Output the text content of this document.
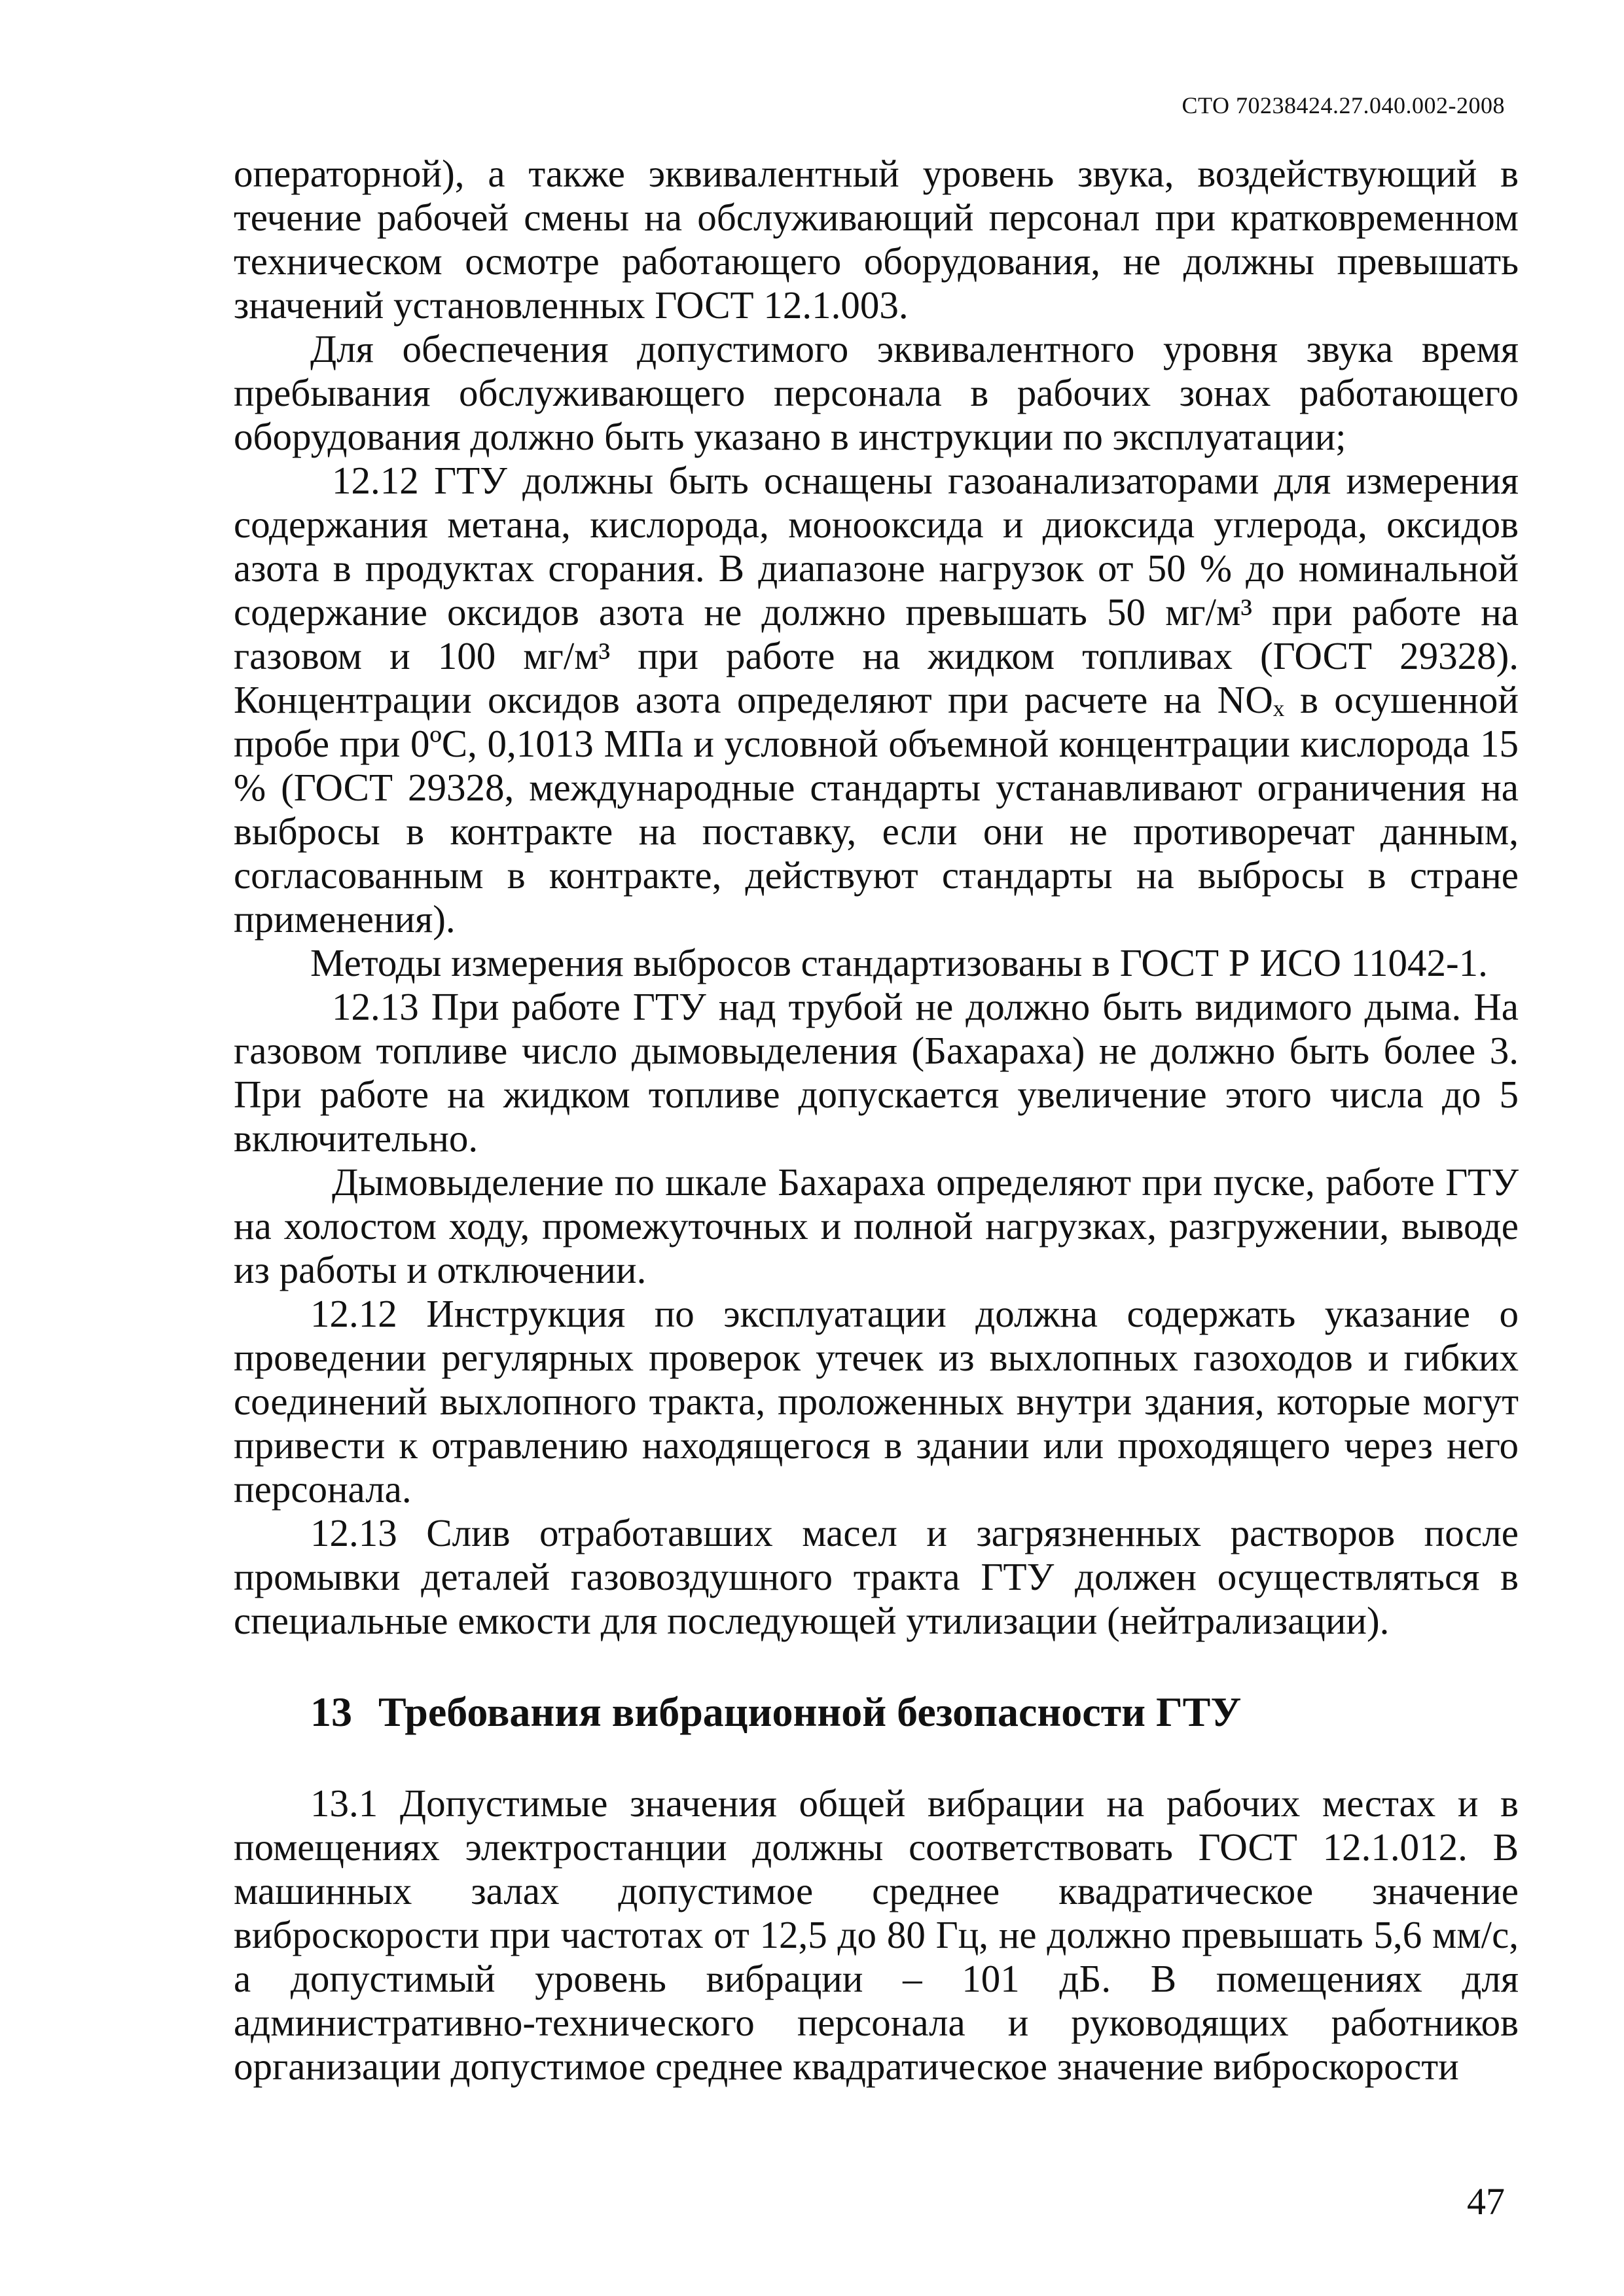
СТО 70238424.27.040.002-2008

операторной), а также эквивалентный уровень звука, воздействующий в течение рабочей смены на обслуживающий персонал при кратковременном техническом осмотре работающего оборудования, не должны превышать значений установленных ГОСТ 12.1.003.

Для обеспечения допустимого эквивалентного уровня звука время пребывания обслуживающего персонала в рабочих зонах работающего оборудования должно быть указано в инструкции по эксплуатации;

12.12 ГТУ должны быть оснащены газоанализаторами для измерения содержания метана, кислорода, монооксида и диоксида углерода, оксидов азота в продуктах сгорания. В диапазоне нагрузок от 50 % до номинальной содержание оксидов азота не должно превышать 50 мг/м³ при работе на газовом и 100 мг/м³ при работе на жидком топливах (ГОСТ 29328). Концентрации оксидов азота определяют при расчете на NOₓ в осушенной пробе при 0ºС, 0,1013 МПа и условной объемной концентрации кислорода 15 % (ГОСТ 29328, международные стандарты устанавливают ограничения на выбросы в контракте на поставку, если они не противоречат данным, согласованным в контракте, действуют стандарты на выбросы в стране применения).

Методы измерения выбросов стандартизованы в ГОСТ Р ИСО 11042-1.

12.13 При работе ГТУ над трубой не должно быть видимого дыма. На газовом топливе число дымовыделения (Бахараха) не должно быть более 3. При работе на жидком топливе допускается увеличение этого числа до 5 включительно.

Дымовыделение по шкале Бахараха определяют при пуске, работе ГТУ на холостом ходу, промежуточных и полной нагрузках, разгружении, выводе из работы и отключении.

12.12 Инструкция по эксплуатации должна содержать указание о проведении регулярных проверок утечек из выхлопных газоходов и гибких соединений выхлопного тракта, проложенных внутри здания, которые могут привести к отравлению находящегося в здании или проходящего через него персонала.

12.13 Слив отработавших масел и загрязненных растворов после промывки деталей газовоздушного тракта ГТУ должен осуществляться в специальные емкости для последующей утилизации (нейтрализации).

13 Требования вибрационной безопасности ГТУ

13.1 Допустимые значения общей вибрации на рабочих местах и в помещениях электростанции должны соответствовать ГОСТ 12.1.012. В машинных залах допустимое среднее квадратическое значение виброскорости при частотах от 12,5 до 80 Гц, не должно превышать 5,6 мм/с, а допустимый уровень вибрации – 101 дБ. В помещениях для административно-технического персонала и руководящих работников организации допустимое среднее квадратическое значение виброскорости

47
